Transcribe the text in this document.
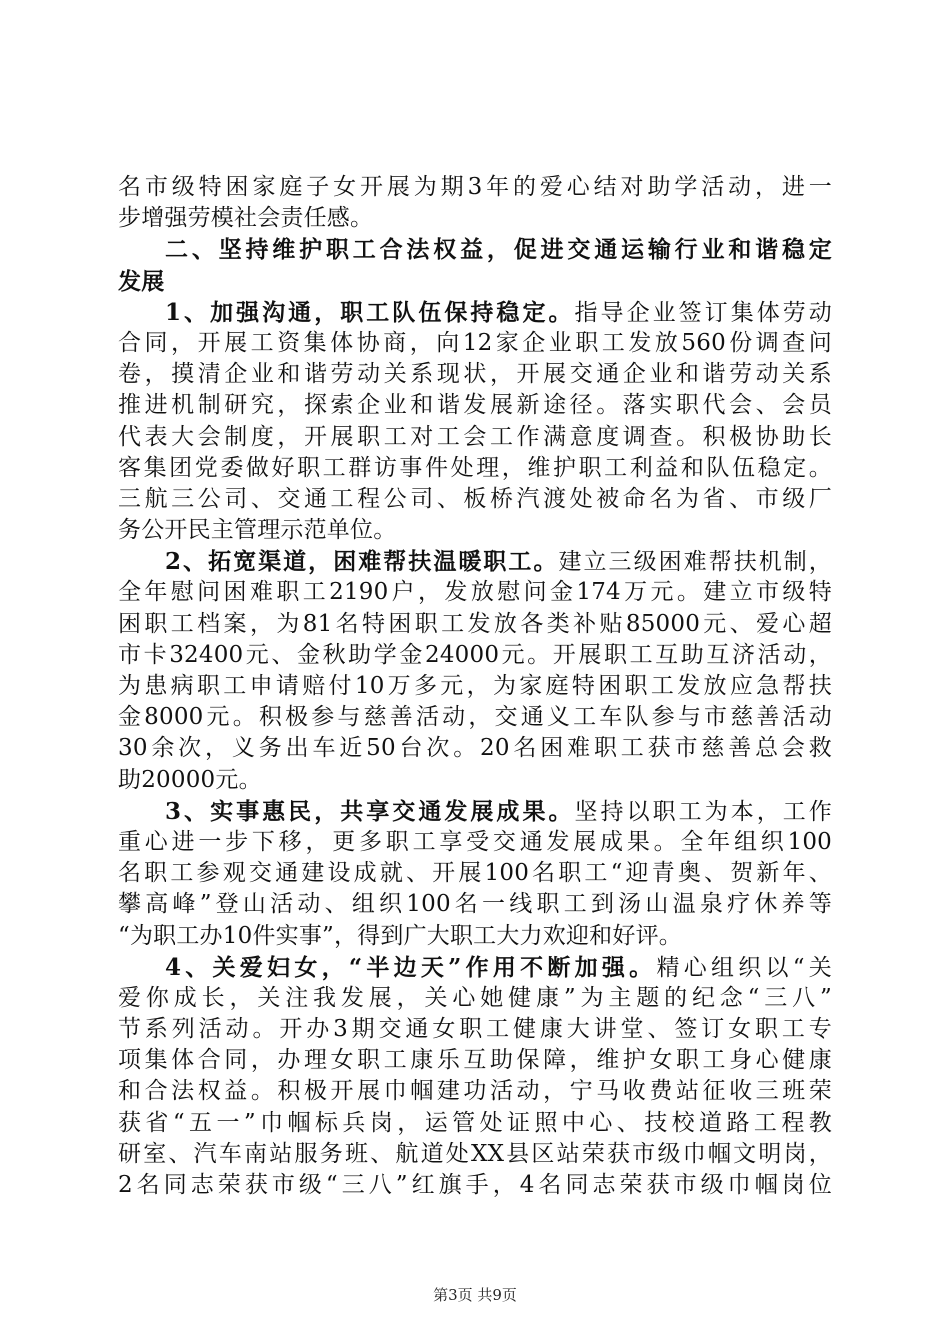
名市级特困家庭子女开展为期3年的爱心结对助学活动，进一
步增强劳模社会责任感。
二、坚持维护职工合法权益，促进交通运输行业和谐稳定
发展
1、加强沟通，职工队伍保持稳定。指导企业签订集体劳动
合同，开展工资集体协商，向12家企业职工发放560份调查问
卷，摸清企业和谐劳动关系现状，开展交通企业和谐劳动关系
推进机制研究，探索企业和谐发展新途径。落实职代会、会员
代表大会制度，开展职工对工会工作满意度调查。积极协助长
客集团党委做好职工群访事件处理，维护职工利益和队伍稳定。
三航三公司、交通工程公司、板桥汽渡处被命名为省、市级厂
务公开民主管理示范单位。
2、拓宽渠道，困难帮扶温暖职工。建立三级困难帮扶机制，
全年慰问困难职工2190户，发放慰问金174万元。建立市级特
困职工档案，为81名特困职工发放各类补贴85000元、爱心超
市卡32400元、金秋助学金24000元。开展职工互助互济活动，
为患病职工申请赔付10万多元，为家庭特困职工发放应急帮扶
金8000元。积极参与慈善活动，交通义工车队参与市慈善活动
30余次，义务出车近50台次。20名困难职工获市慈善总会救
助20000元。
3、实事惠民，共享交通发展成果。坚持以职工为本，工作
重心进一步下移，更多职工享受交通发展成果。全年组织100
名职工参观交通建设成就、开展100名职工“迎青奥、贺新年、
攀高峰”登山活动、组织100名一线职工到汤山温泉疗休养等
“为职工办10件实事”，得到广大职工大力欢迎和好评。
4、关爱妇女，“半边天”作用不断加强。精心组织以“关
爱你成长，关注我发展，关心她健康”为主题的纪念“三八”
节系列活动。开办3期交通女职工健康大讲堂、签订女职工专
项集体合同，办理女职工康乐互助保障，维护女职工身心健康
和合法权益。积极开展巾帼建功活动，宁马收费站征收三班荣
获省“五一”巾帼标兵岗，运管处证照中心、技校道路工程教
研室、汽车南站服务班、航道处XX县区站荣获市级巾帼文明岗，
2名同志荣获市级“三八”红旗手，4名同志荣获市级巾帼岗位
第3页 共9页
